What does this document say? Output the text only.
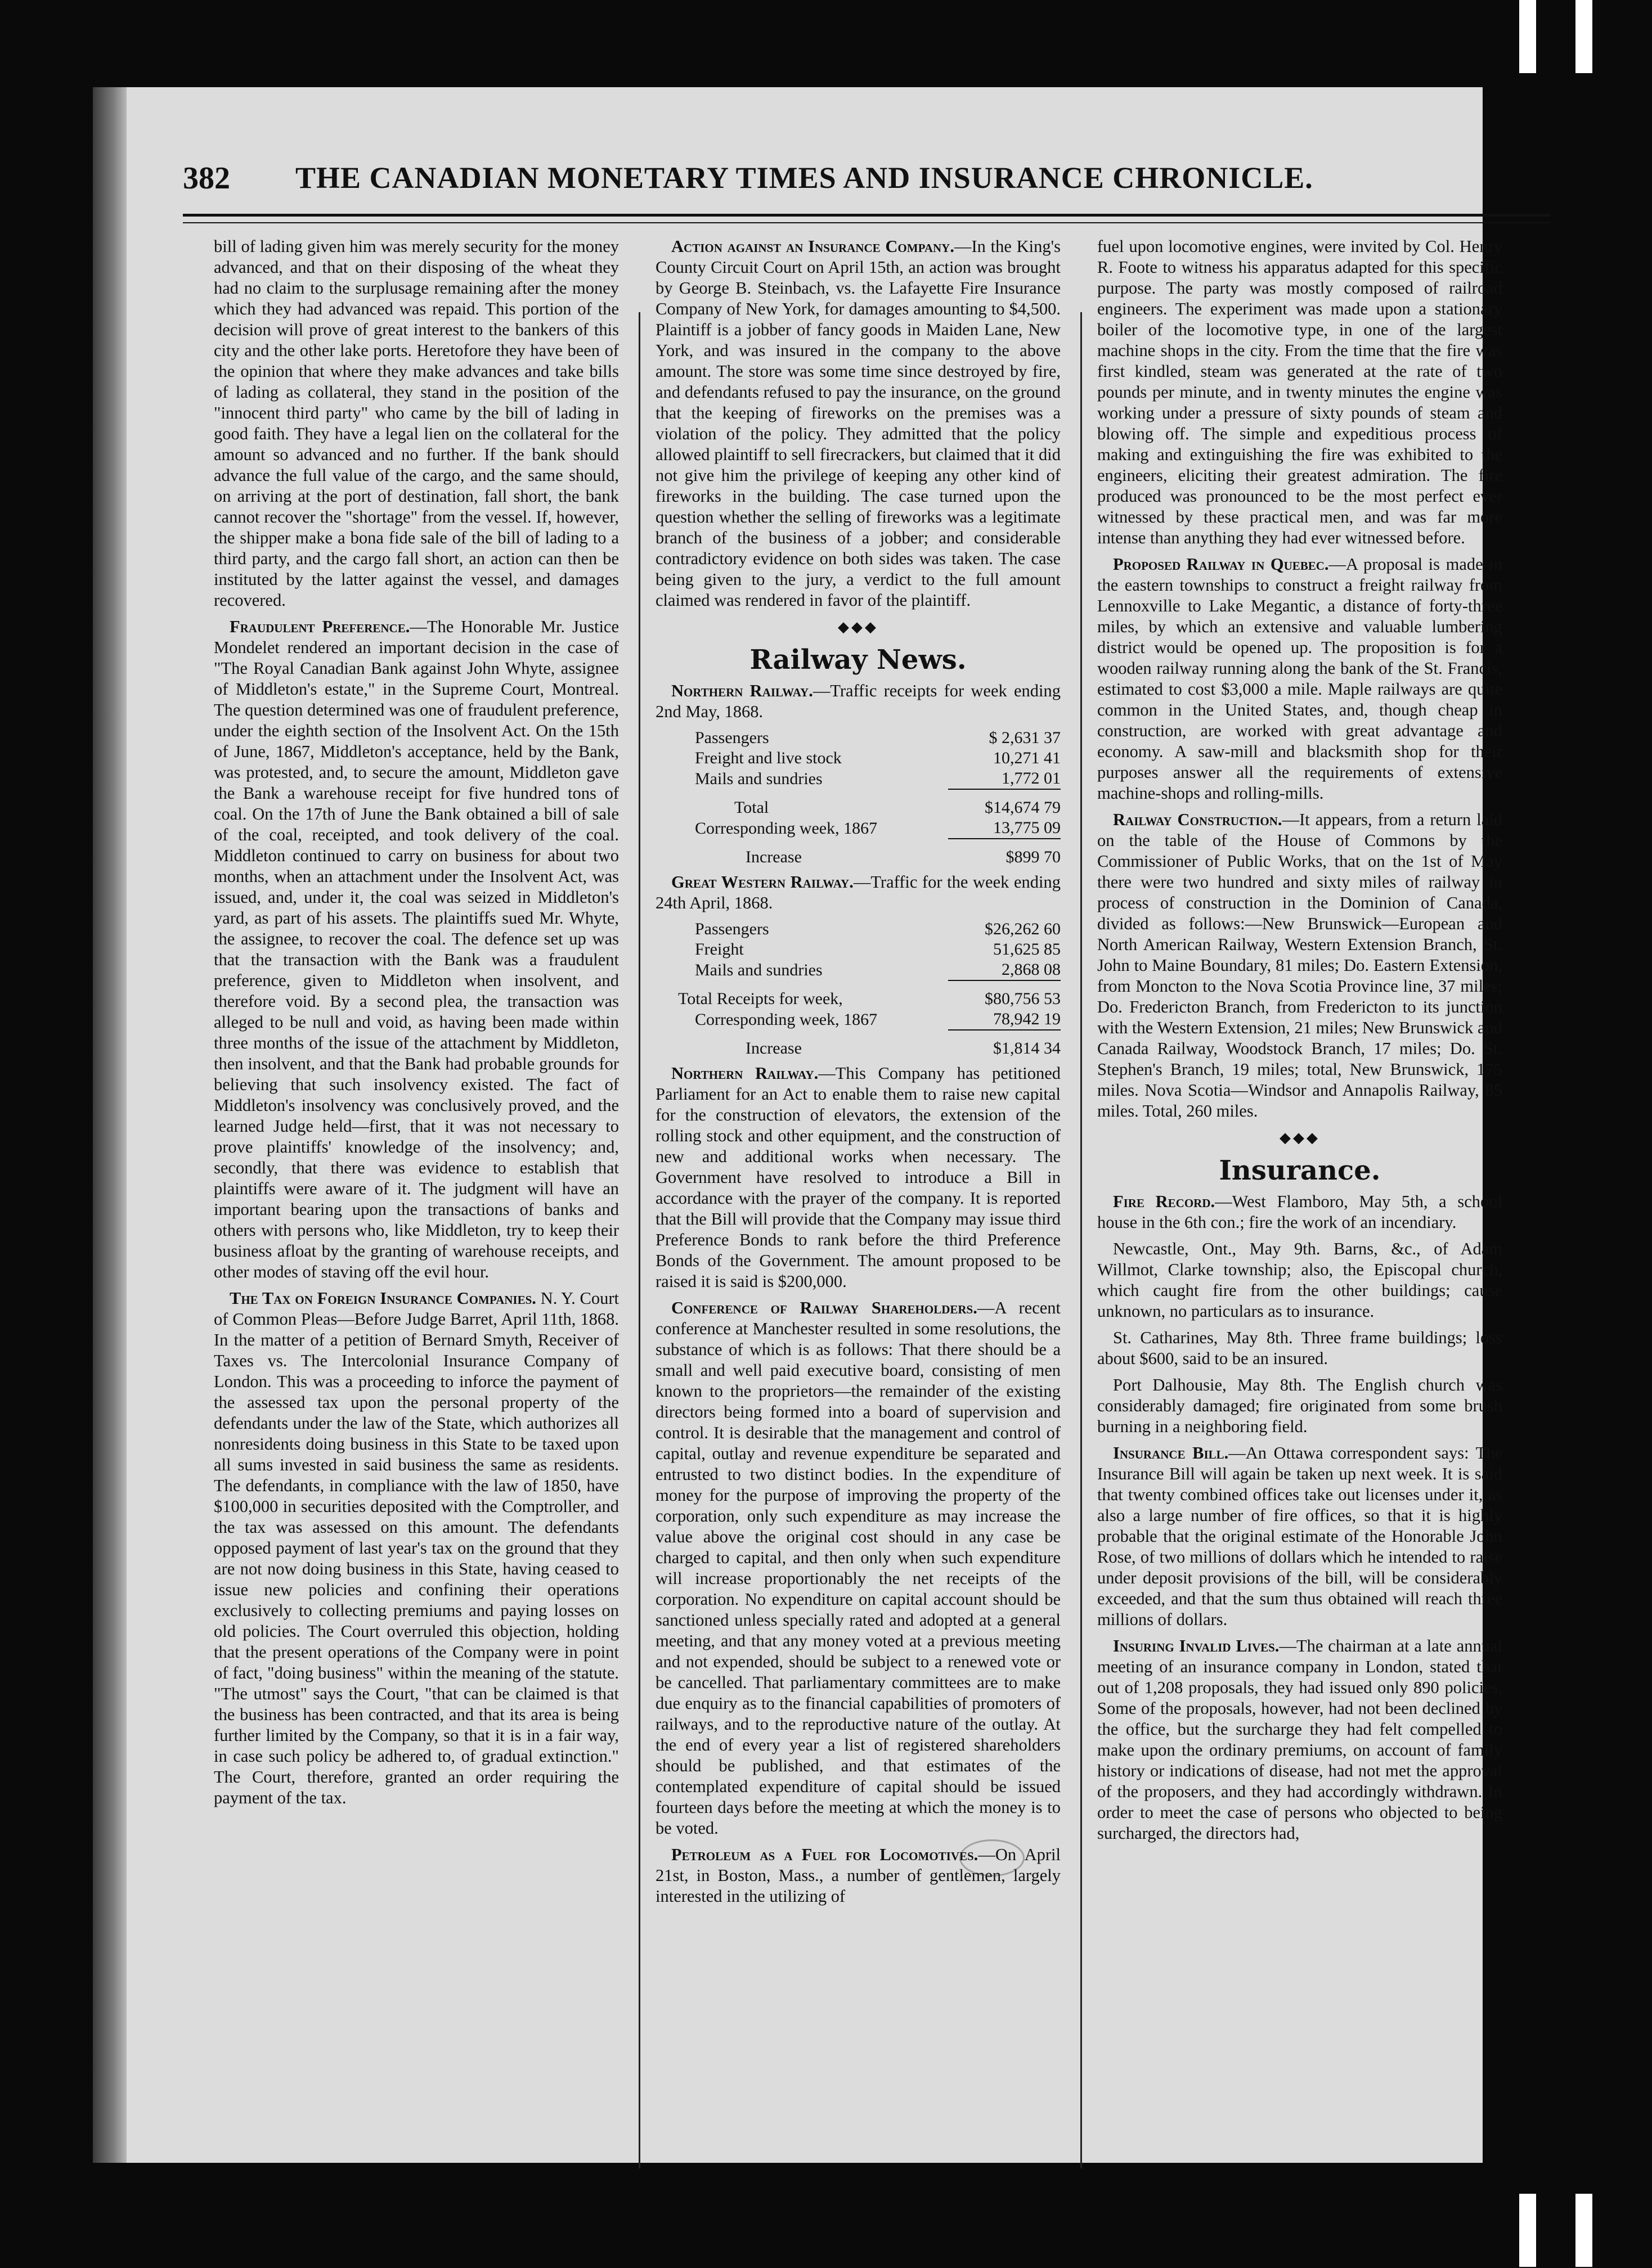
382 THE CANADIAN MONETARY TIMES AND INSURANCE CHRONICLE.

bill of lading given him was merely security for the money advanced, and that on their disposing of the wheat they had no claim to the surplusage remaining after the money which they had advanced was repaid. This portion of the decision will prove of great interest to the bankers of this city and the other lake ports. Heretofore they have been of the opinion that where they make advances and take bills of lading as collateral, they stand in the position of the "innocent third party" who came by the bill of lading in good faith. They have a legal lien on the collateral for the amount so advanced and no further. If the bank should advance the full value of the cargo, and the same should, on arriving at the port of destination, fall short, the bank cannot recover the "shortage" from the vessel. If, however, the shipper make a bona fide sale of the bill of lading to a third party, and the cargo fall short, an action can then be instituted by the latter against the vessel, and damages recovered.

Fraudulent Preference.—The Honorable Mr. Justice Mondelet rendered an important decision in the case of "The Royal Canadian Bank against John Whyte, assignee of Middleton's estate," in the Supreme Court, Montreal. The question determined was one of fraudulent preference, under the eighth section of the Insolvent Act. On the 15th of June, 1867, Middleton's acceptance, held by the Bank, was protested, and, to secure the amount, Middleton gave the Bank a warehouse receipt for five hundred tons of coal. On the 17th of June the Bank obtained a bill of sale of the coal, receipted, and took delivery of the coal. Middleton continued to carry on business for about two months, when an attachment under the Insolvent Act, was issued, and, under it, the coal was seized in Middleton's yard, as part of his assets. The plaintiffs sued Mr. Whyte, the assignee, to recover the coal. The defence set up was that the transaction with the Bank was a fraudulent preference, given to Middleton when insolvent, and therefore void. By a second plea, the transaction was alleged to be null and void, as having been made within three months of the issue of the attachment by Middleton, then insolvent, and that the Bank had probable grounds for believing that such insolvency existed. The fact of Middleton's insolvency was conclusively proved, and the learned Judge held—first, that it was not necessary to prove plaintiffs' knowledge of the insolvency; and, secondly, that there was evidence to establish that plaintiffs were aware of it. The judgment will have an important bearing upon the transactions of banks and others with persons who, like Middleton, try to keep their business afloat by the granting of warehouse receipts, and other modes of staving off the evil hour.

The Tax on Foreign Insurance Companies. N. Y. Court of Common Pleas—Before Judge Barret, April 11th, 1868. In the matter of a petition of Bernard Smyth, Receiver of Taxes vs. The Intercolonial Insurance Company of London. This was a proceeding to inforce the payment of the assessed tax upon the personal property of the defendants under the law of the State, which authorizes all nonresidents doing business in this State to be taxed upon all sums invested in said business the same as residents. The defendants, in compliance with the law of 1850, have $100,000 in securities deposited with the Comptroller, and the tax was assessed on this amount. The defendants opposed payment of last year's tax on the ground that they are not now doing business in this State, having ceased to issue new policies and confining their operations exclusively to collecting premiums and paying losses on old policies. The Court overruled this objection, holding that the present operations of the Company were in point of fact, "doing business" within the meaning of the statute. "The utmost" says the Court, "that can be claimed is that the business has been contracted, and that its area is being further limited by the Company, so that it is in a fair way, in case such policy be adhered to, of gradual extinction." The Court, therefore, granted an order requiring the payment of the tax.

Action against an Insurance Company.—In the King's County Circuit Court on April 15th, an action was brought by George B. Steinbach, vs. the Lafayette Fire Insurance Company of New York, for damages amounting to $4,500. Plaintiff is a jobber of fancy goods in Maiden Lane, New York, and was insured in the company to the above amount. The store was some time since destroyed by fire, and defendants refused to pay the insurance, on the ground that the keeping of fireworks on the premises was a violation of the policy. They admitted that the policy allowed plaintiff to sell firecrackers, but claimed that it did not give him the privilege of keeping any other kind of fireworks in the building. The case turned upon the question whether the selling of fireworks was a legitimate branch of the business of a jobber; and considerable contradictory evidence on both sides was taken. The case being given to the jury, a verdict to the full amount claimed was rendered in favor of the plaintiff.

◆◆◆
Railway News.

Northern Railway.—Traffic receipts for week ending 2nd May, 1868.

Passengers	$ 2,631 37
Freight and live stock	10,271 41
Mails and sundries	1,772 01
Total	$14,674 79
Corresponding week, 1867	13,775 09
Increase	$899 70

Great Western Railway.—Traffic for the week ending 24th April, 1868.

Passengers	$26,262 60
Freight	51,625 85
Mails and sundries	2,868 08
Total Receipts for week,	$80,756 53
Corresponding week, 1867	78,942 19
Increase	$1,814 34

Northern Railway.—This Company has petitioned Parliament for an Act to enable them to raise new capital for the construction of elevators, the extension of the rolling stock and other equipment, and the construction of new and additional works when necessary. The Government have resolved to introduce a Bill in accordance with the prayer of the company. It is reported that the Bill will provide that the Company may issue third Preference Bonds to rank before the third Preference Bonds of the Government. The amount proposed to be raised it is said is $200,000.

Conference of Railway Shareholders.—A recent conference at Manchester resulted in some resolutions, the substance of which is as follows: That there should be a small and well paid executive board, consisting of men known to the proprietors—the remainder of the existing directors being formed into a board of supervision and control. It is desirable that the management and control of capital, outlay and revenue expenditure be separated and entrusted to two distinct bodies. In the expenditure of money for the purpose of improving the property of the corporation, only such expenditure as may increase the value above the original cost should in any case be charged to capital, and then only when such expenditure will increase proportionably the net receipts of the corporation. No expenditure on capital account should be sanctioned unless specially rated and adopted at a general meeting, and that any money voted at a previous meeting and not expended, should be subject to a renewed vote or be cancelled. That parliamentary committees are to make due enquiry as to the financial capabilities of promoters of railways, and to the reproductive nature of the outlay. At the end of every year a list of registered shareholders should be published, and that estimates of the contemplated expenditure of capital should be issued fourteen days before the meeting at which the money is to be voted.

Petroleum as a Fuel for Locomotives.—On April 21st, in Boston, Mass., a number of gentlemen, largely interested in the utilizing of

fuel upon locomotive engines, were invited by Col. Henry R. Foote to witness his apparatus adapted for this specific purpose. The party was mostly composed of railroad engineers. The experiment was made upon a stationary boiler of the locomotive type, in one of the largest machine shops in the city. From the time that the fire was first kindled, steam was generated at the rate of two pounds per minute, and in twenty minutes the engine was working under a pressure of sixty pounds of steam and blowing off. The simple and expeditious process of making and extinguishing the fire was exhibited to the engineers, eliciting their greatest admiration. The fire produced was pronounced to be the most perfect ever witnessed by these practical men, and was far more intense than anything they had ever witnessed before.

Proposed Railway in Quebec.—A proposal is made in the eastern townships to construct a freight railway from Lennoxville to Lake Megantic, a distance of forty-three miles, by which an extensive and valuable lumbering district would be opened up. The proposition is for a wooden railway running along the bank of the St. Francis, estimated to cost $3,000 a mile. Maple railways are quite common in the United States, and, though cheap in construction, are worked with great advantage and economy. A saw-mill and blacksmith shop for their purposes answer all the requirements of extensive machine-shops and rolling-mills.

Railway Construction.—It appears, from a return laid on the table of the House of Commons by the Commissioner of Public Works, that on the 1st of May there were two hundred and sixty miles of railway in process of construction in the Dominion of Canada, divided as follows:—New Brunswick—European and North American Railway, Western Extension Branch, St. John to Maine Boundary, 81 miles; Do. Eastern Extension, from Moncton to the Nova Scotia Province line, 37 miles; Do. Fredericton Branch, from Fredericton to its junction with the Western Extension, 21 miles; New Brunswick and Canada Railway, Woodstock Branch, 17 miles; Do. St. Stephen's Branch, 19 miles; total, New Brunswick, 175 miles. Nova Scotia—Windsor and Annapolis Railway, 85 miles. Total, 260 miles.

◆◆◆
Insurance.

Fire Record.—West Flamboro, May 5th, a school house in the 6th con.; fire the work of an incendiary.

Newcastle, Ont., May 9th. Barns, &c., of Adam Willmot, Clarke township; also, the Episcopal church, which caught fire from the other buildings; cause unknown, no particulars as to insurance.

St. Catharines, May 8th. Three frame buildings; loss about $600, said to be an insured.

Port Dalhousie, May 8th. The English church was considerably damaged; fire originated from some brush burning in a neighboring field.

Insurance Bill.—An Ottawa correspondent says: The Insurance Bill will again be taken up next week. It is said that twenty combined offices take out licenses under it, as also a large number of fire offices, so that it is highly probable that the original estimate of the Honorable John Rose, of two millions of dollars which he intended to raise under deposit provisions of the bill, will be considerably exceeded, and that the sum thus obtained will reach three millions of dollars.

Insuring Invalid Lives.—The chairman at a late annual meeting of an insurance company in London, stated that out of 1,208 proposals, they had issued only 890 policies. Some of the proposals, however, had not been declined by the office, but the surcharge they had felt compelled to make upon the ordinary premiums, on account of family history or indications of disease, had not met the approval of the proposers, and they had accordingly withdrawn. In order to meet the case of persons who objected to being surcharged, the directors had,
